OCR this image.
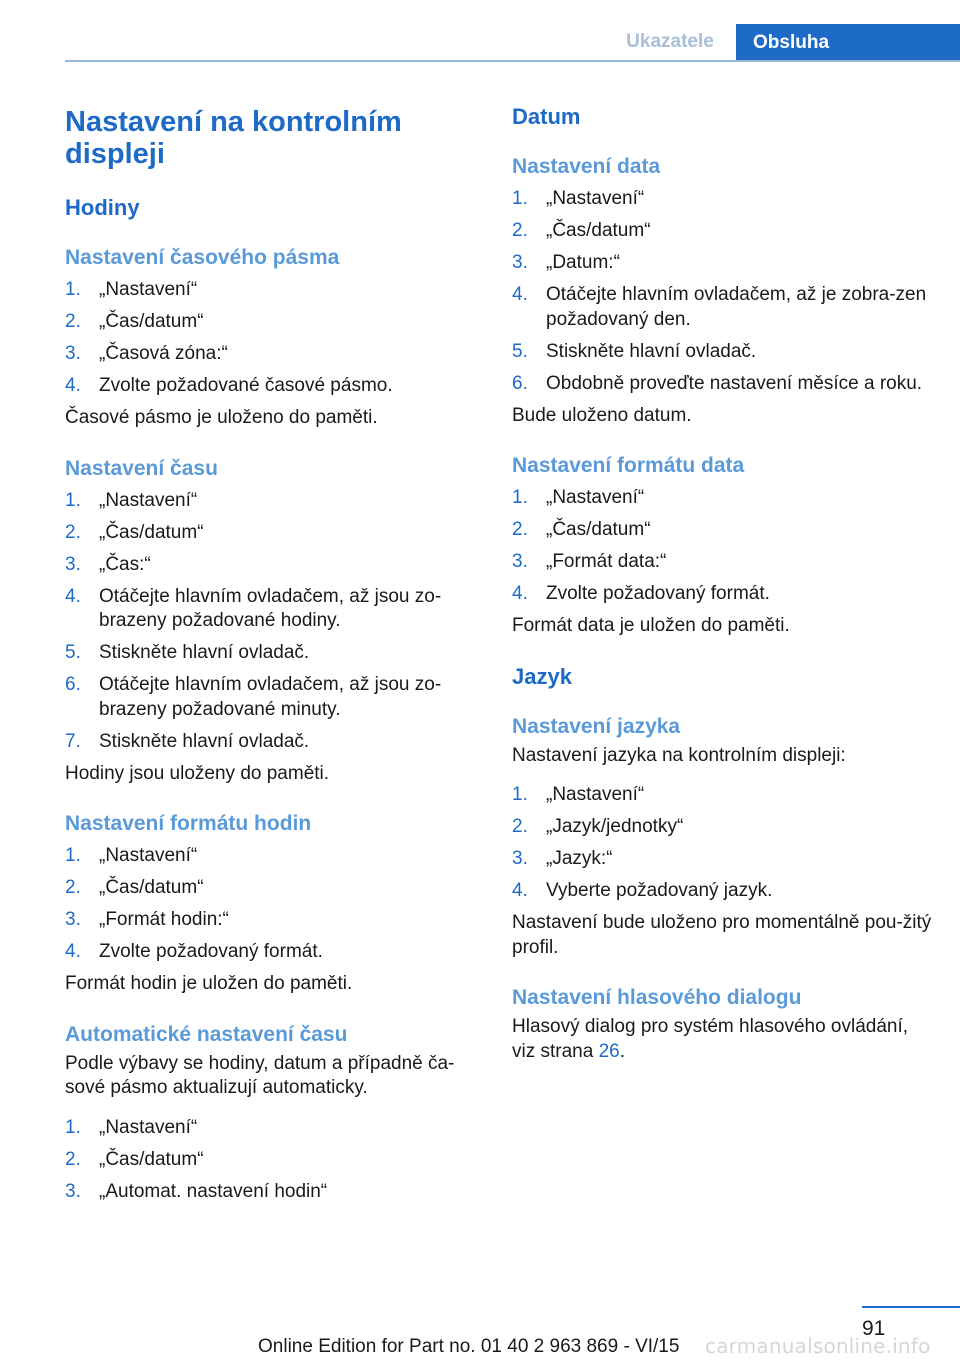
Ukazatele	Obsluha
Nastavení na kontrolním displeji
Hodiny
Nastavení časového pásma
1. „Nastavení“
2. „Čas/datum“
3. „Časová zóna:“
4. Zvolte požadované časové pásmo.

Časové pásmo je uloženo do paměti.

Nastavení času
1. „Nastavení“
2. „Čas/datum“
3. „Čas:“
4. Otáčejte hlavním ovladačem, až jsou zo-brazeny požadované hodiny.
5. Stiskněte hlavní ovladač.
6. Otáčejte hlavním ovladačem, až jsou zo-brazeny požadované minuty.
7. Stiskněte hlavní ovladač.

Hodiny jsou uloženy do paměti.

Nastavení formátu hodin
1. „Nastavení“
2. „Čas/datum“
3. „Formát hodin:“
4. Zvolte požadovaný formát.

Formát hodin je uložen do paměti.

Automatické nastavení času

Podle výbavy se hodiny, datum a případně ča-sové pásmo aktualizují automaticky.

1. „Nastavení“
2. „Čas/datum“
3. „Automat. nastavení hodin“
Datum
Nastavení data
1. „Nastavení“
2. „Čas/datum“
3. „Datum:“
4. Otáčejte hlavním ovladačem, až je zobra-zen požadovaný den.
5. Stiskněte hlavní ovladač.
6. Obdobně proveďte nastavení měsíce a roku.

Bude uloženo datum.

Nastavení formátu data
1. „Nastavení“
2. „Čas/datum“
3. „Formát data:“
4. Zvolte požadovaný formát.

Formát data je uložen do paměti.

Jazyk
Nastavení jazyka

Nastavení jazyka na kontrolním displeji:

1. „Nastavení“
2. „Jazyk/jednotky“
3. „Jazyk:“
4. Vyberte požadovaný jazyk.

Nastavení bude uloženo pro momentálně pou-žitý profil.

Nastavení hlasového dialogu

Hlasový dialog pro systém hlasového ovládání, viz strana 26.

91
Online Edition for Part no. 01 40 2 963 869 - VI/15 carmanualsonline.info
